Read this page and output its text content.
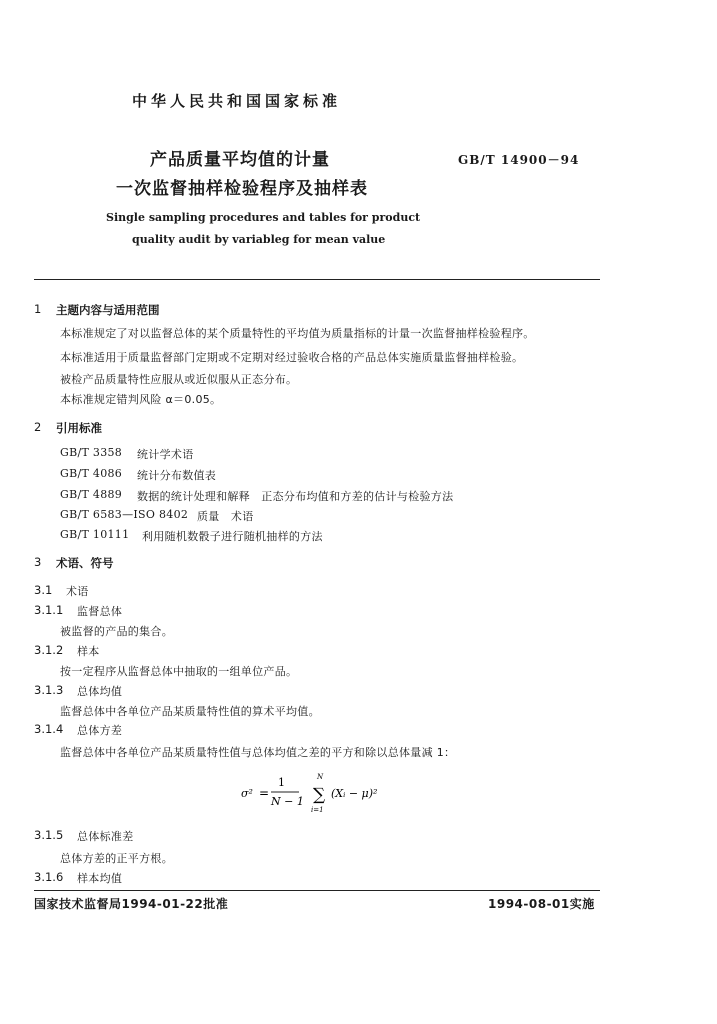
中华人民共和国国家标准
产品质量平均值的计量
一次监督抽样检验程序及抽样表
GB/T 14900－94
Single sampling procedures and tables for product
quality audit by variableg for mean value
1 主题内容与适用范围
本标准规定了对以监督总体的某个质量特性的平均值为质量指标的计量一次监督抽样检验程序。
本标准适用于质量监督部门定期或不定期对经过验收合格的产品总体实施质量监督抽样检验。
被检产品质量特性应服从或近似服从正态分布。
本标准规定错判风险 α＝0.05。
2 引用标准
GB/T 3358 统计学术语
GB/T 4086 统计分布数值表
GB/T 4889 数据的统计处理和解释　正态分布均值和方差的估计与检验方法
GB/T 6583—ISO 8402 质量　术语
GB/T 10111 利用随机数骰子进行随机抽样的方法
3 术语、符号
3.1 术语
3.1.1 监督总体
被监督的产品的集合。
3.1.2 样本
按一定程序从监督总体中抽取的一组单位产品。
3.1.3 总体均值
监督总体中各单位产品某质量特性值的算术平均值。
3.1.4 总体方差
监督总体中各单位产品某质量特性值与总体均值之差的平方和除以总体量减 1：
σ² =
1
N − 1
N
∑
i=1
(Xᵢ − μ)²
3.1.5 总体标准差
总体方差的正平方根。
3.1.6 样本均值
国家技术监督局1994-01-22批准	1994-08-01实施
